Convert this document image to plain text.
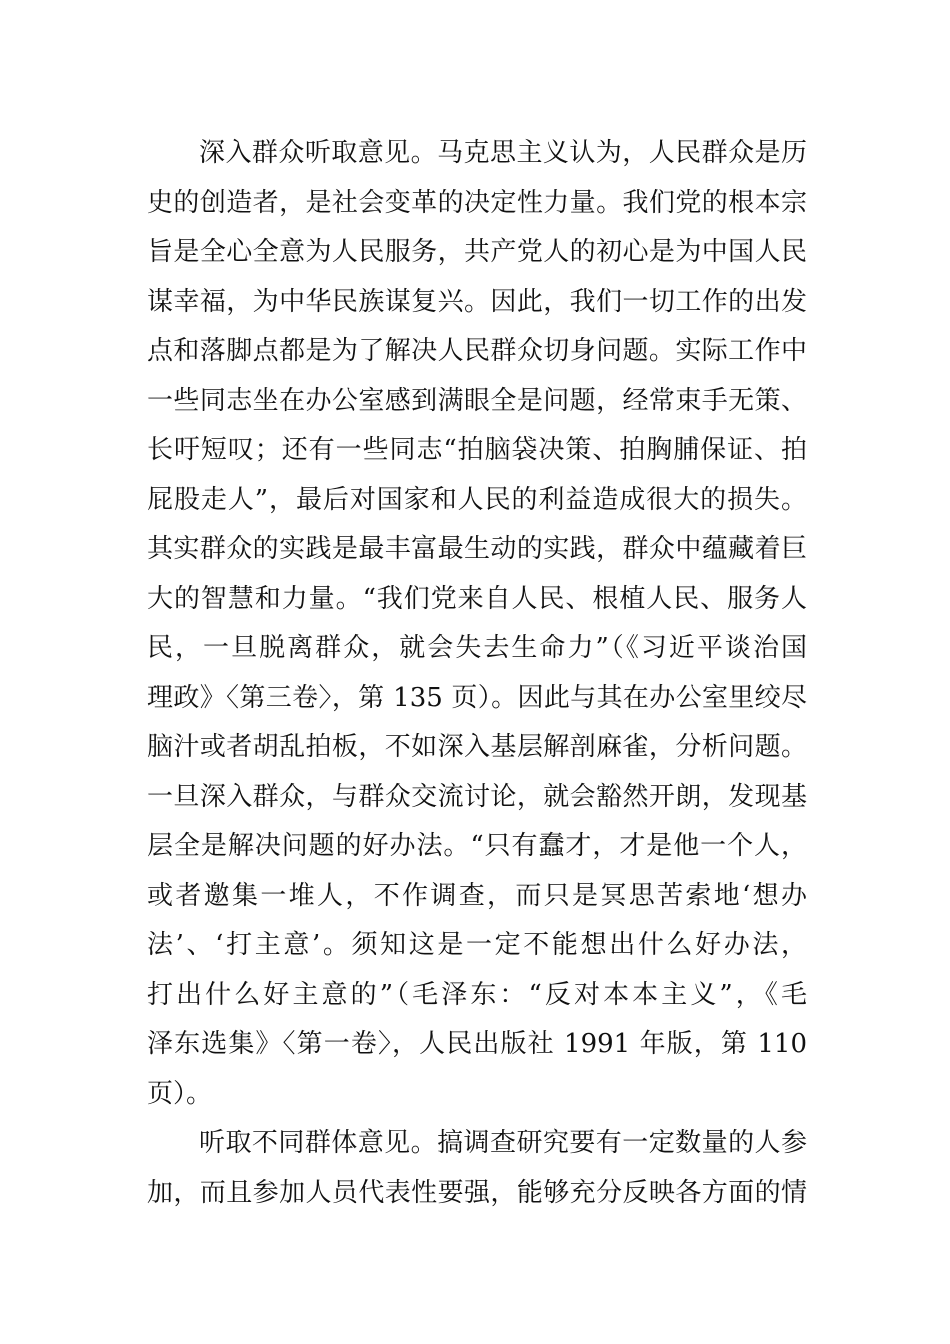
深入群众听取意见。马克思主义认为，人民群众是历
史的创造者，是社会变革的决定性力量。我们党的根本宗
旨是全心全意为人民服务，共产党人的初心是为中国人民
谋幸福，为中华民族谋复兴。因此，我们一切工作的出发
点和落脚点都是为了解决人民群众切身问题。实际工作中
一些同志坐在办公室感到满眼全是问题，经常束手无策、
长吁短叹；还有一些同志“拍脑袋决策、拍胸脯保证、拍
屁股走人”，最后对国家和人民的利益造成很大的损失。
其实群众的实践是最丰富最生动的实践，群众中蕴藏着巨
大的智慧和力量。“我们党来自人民、根植人民、服务人
民，一旦脱离群众，就会失去生命力”（《习近平谈治国
理政》〈第三卷〉，第 135 页）。因此与其在办公室里绞尽
脑汁或者胡乱拍板，不如深入基层解剖麻雀，分析问题。
一旦深入群众，与群众交流讨论，就会豁然开朗，发现基
层全是解决问题的好办法。“只有蠢才，才是他一个人，
或者邀集一堆人，不作调查，而只是冥思苦索地‘想办
法’、‘打主意’。须知这是一定不能想出什么好办法，
打出什么好主意的”（毛泽东：“反对本本主义”，《毛
泽东选集》〈第一卷〉，人民出版社 1991 年版，第 110
页）。
听取不同群体意见。搞调查研究要有一定数量的人参
加，而且参加人员代表性要强，能够充分反映各方面的情
